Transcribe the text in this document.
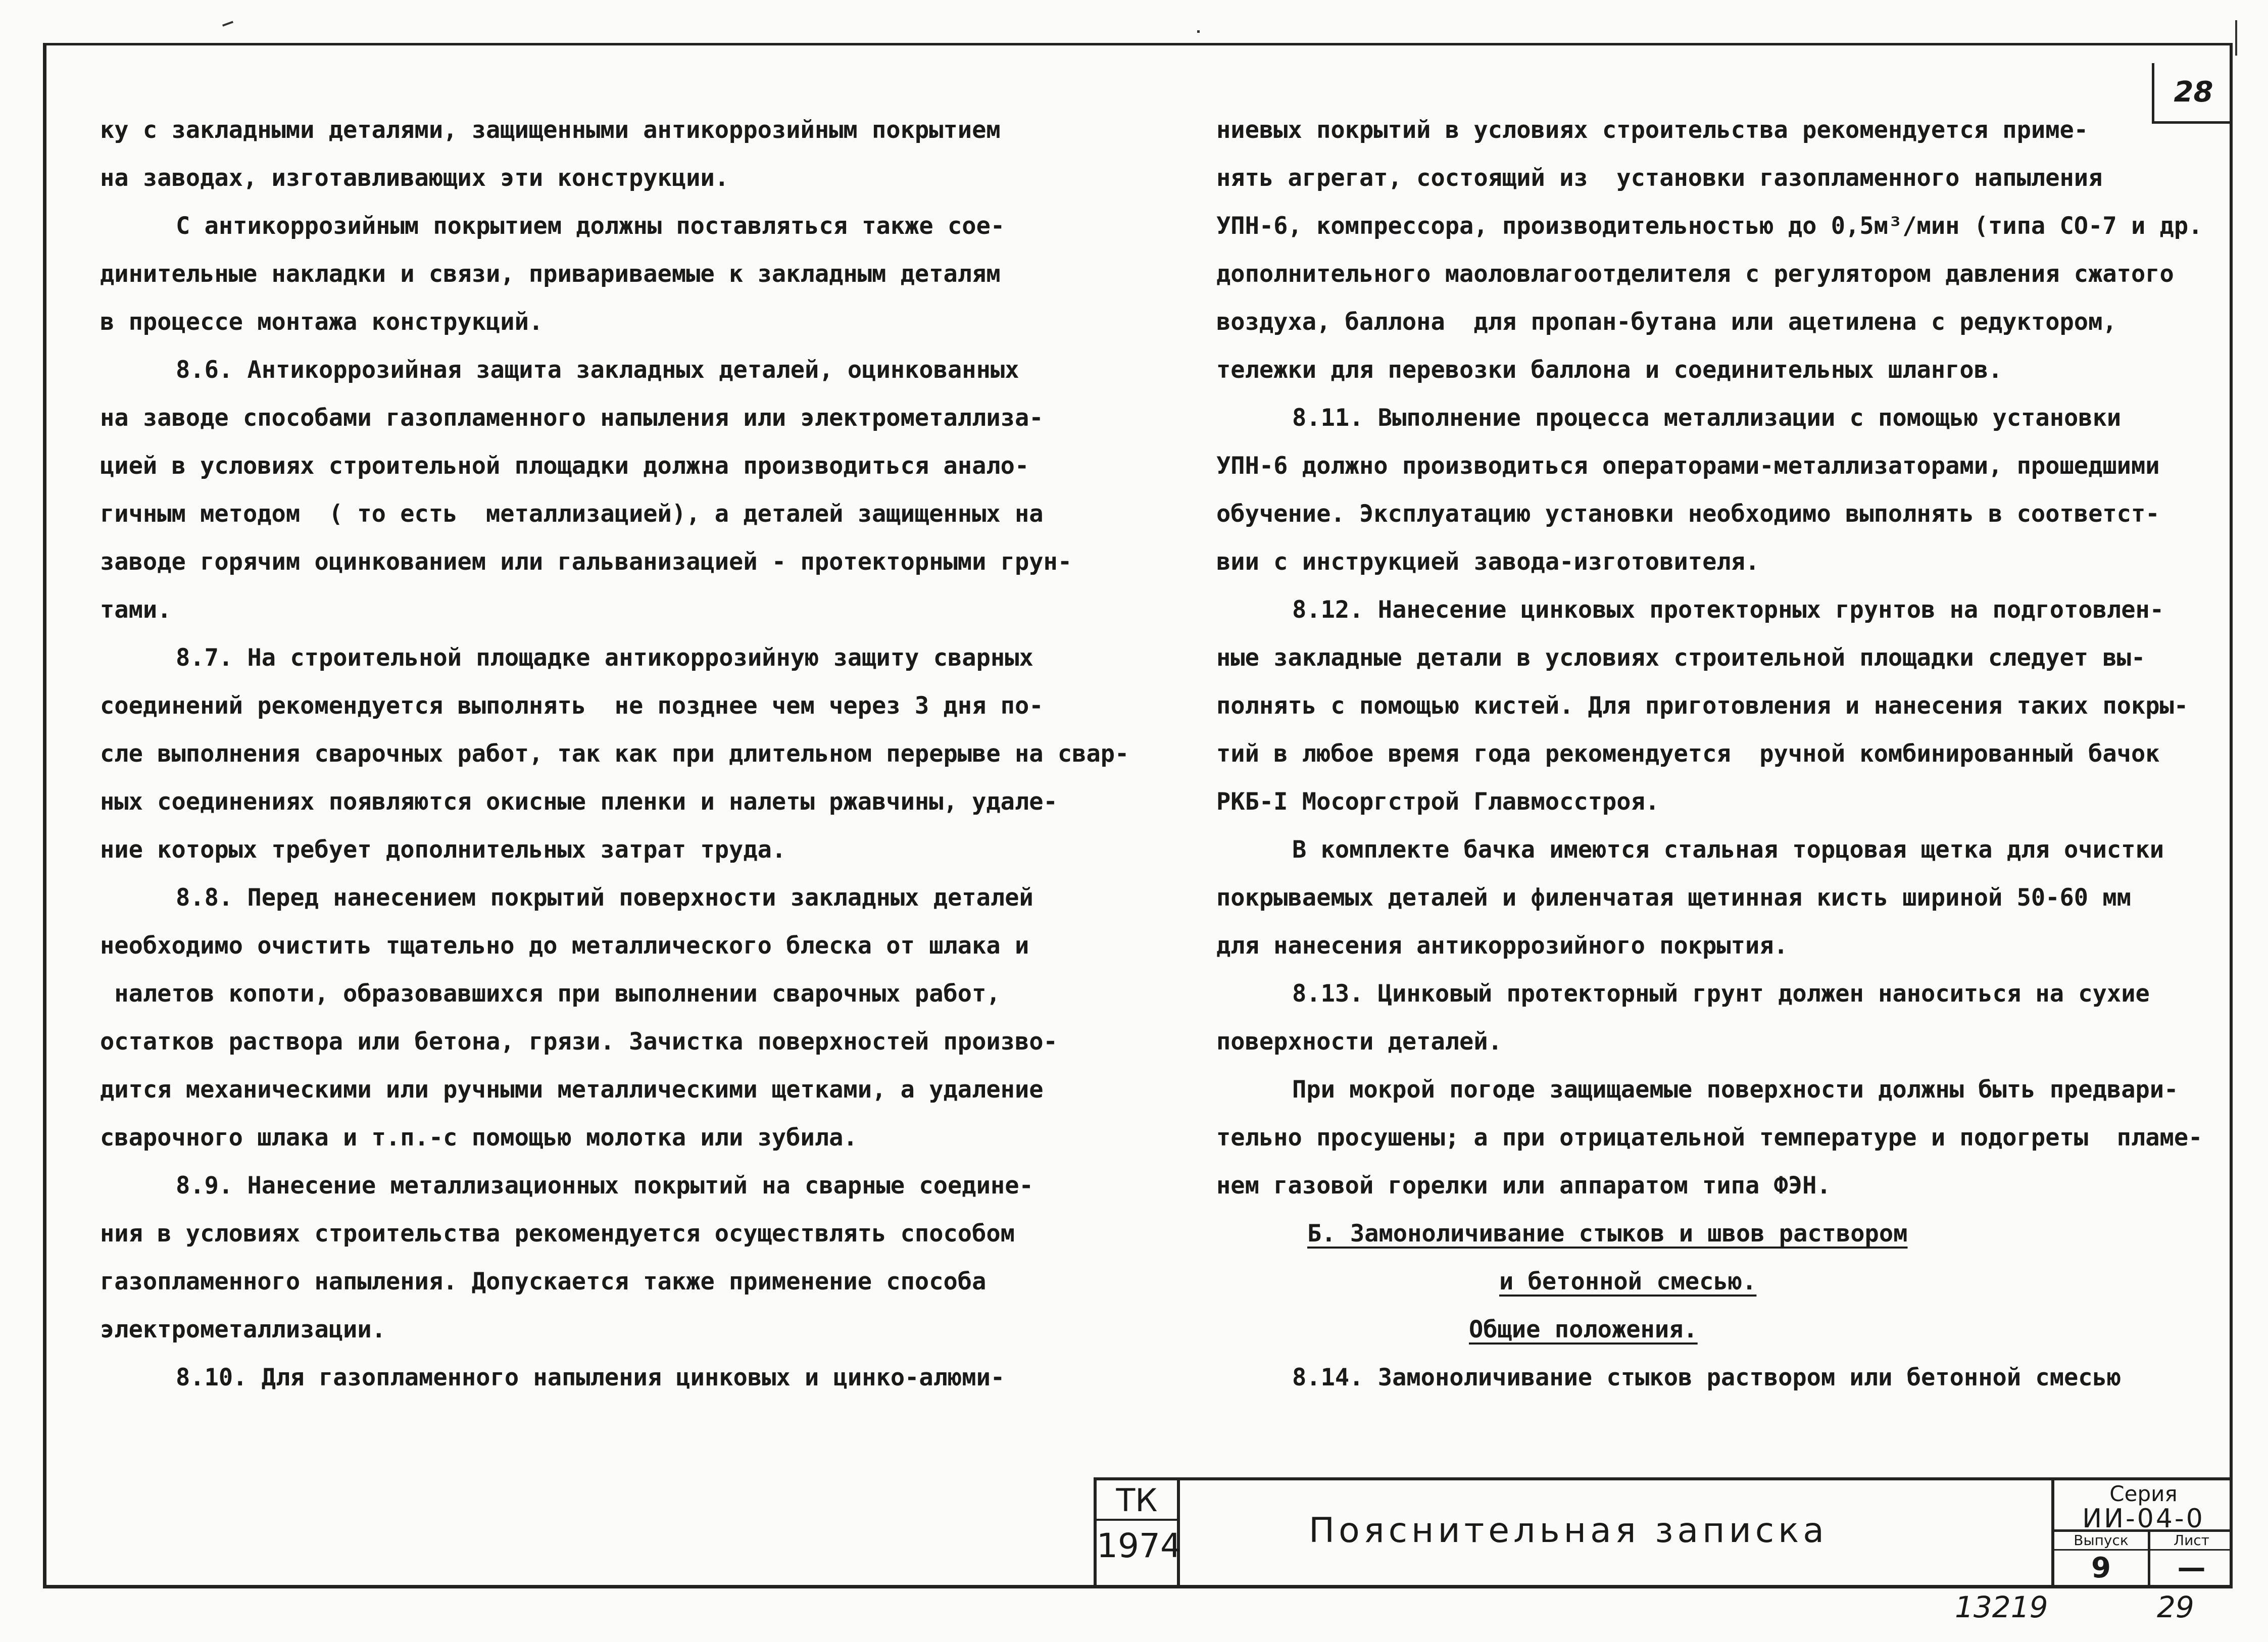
28
ку с закладными деталями, защищенными антикоррозийным покрытием
на заводах, изготавливающих эти конструкции.
С антикоррозийным покрытием должны поставляться также сое-
динительные накладки и связи, привариваемые к закладным деталям
в процессе монтажа конструкций.
8.6. Антикоррозийная защита закладных деталей, оцинкованных
на заводе способами газопламенного напыления или электрометаллиза-
цией в условиях строительной площадки должна производиться анало-
гичным методом  ( то есть  металлизацией), а деталей защищенных на
заводе горячим оцинкованием или гальванизацией - протекторными грун-
тами.
8.7. На строительной площадке антикоррозийную защиту сварных
соединений рекомендуется выполнять  не позднее чем через 3 дня по-
сле выполнения сварочных работ, так как при длительном перерыве на свар-
ных соединениях появляются окисные пленки и налеты ржавчины, удале-
ние которых требует дополнительных затрат труда.
8.8. Перед нанесением покрытий поверхности закладных деталей
необходимо очистить тщательно до металлического блеска от шлака и
налетов копоти, образовавшихся при выполнении сварочных работ,
остатков раствора или бетона, грязи. Зачистка поверхностей произво-
дится механическими или ручными металлическими щетками, а удаление
сварочного шлака и т.п.-с помощью молотка или зубила.
8.9. Нанесение металлизационных покрытий на сварные соедине-
ния в условиях строительства рекомендуется осуществлять способом
газопламенного напыления. Допускается также применение способа
электрометаллизации.
8.10. Для газопламенного напыления цинковых и цинко-алюми-
ниевых покрытий в условиях строительства рекомендуется приме-
нять агрегат, состоящий из  установки газопламенного напыления
УПН-6, компрессора, производительностью до 0,5м³/мин (типа СО-7 и др.
дополнительного маоловлагоотделителя с регулятором давления сжатого
воздуха, баллона  для пропан-бутана или ацетилена с редуктором,
тележки для перевозки баллона и соединительных шлангов.
8.11. Выполнение процесса металлизации с помощью установки
УПН-6 должно производиться операторами-металлизаторами, прошедшими
обучение. Эксплуатацию установки необходимо выполнять в соответст-
вии с инструкцией завода-изготовителя.
8.12. Нанесение цинковых протекторных грунтов на подготовлен-
ные закладные детали в условиях строительной площадки следует вы-
полнять с помощью кистей. Для приготовления и нанесения таких покры-
тий в любое время года рекомендуется  ручной комбинированный бачок
РКБ-I Мосоргстрой Главмосстроя.
В комплекте бачка имеются стальная торцовая щетка для очистки
покрываемых деталей и филенчатая щетинная кисть шириной 50-60 мм
для нанесения антикоррозийного покрытия.
8.13. Цинковый протекторный грунт должен наноситься на сухие
поверхности деталей.
При мокрой погоде защищаемые поверхности должны быть предвари-
тельно просушены; а при отрицательной температуре и подогреты  пламе-
нем газовой горелки или аппаратом типа ФЭН.
Б. Замоноличивание стыков и швов раствором
и бетонной смесью.
Общие положения.
8.14. Замоноличивание стыков раствором или бетонной смесью
ТК
1974	Пояснительная записка
Серия
ИИ-04-0
Выпуск
9
Лист
—
13219	29
